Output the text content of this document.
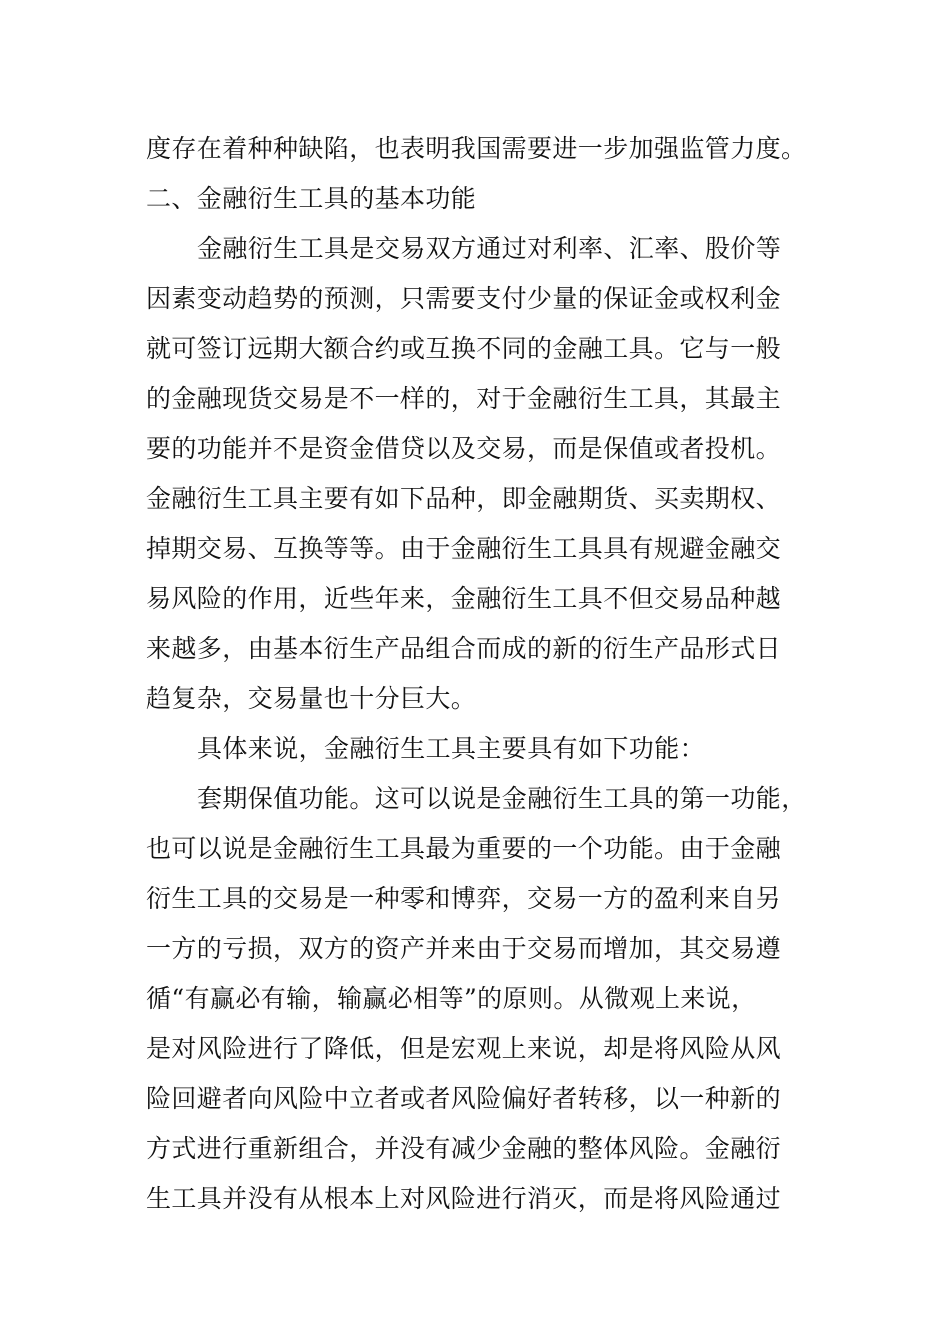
度存在着种种缺陷，也表明我国需要进一步加强监管力度。
二、金融衍生工具的基本功能
金融衍生工具是交易双方通过对利率、汇率、股价等
因素变动趋势的预测，只需要支付少量的保证金或权利金
就可签订远期大额合约或互换不同的金融工具。它与一般
的金融现货交易是不一样的，对于金融衍生工具，其最主
要的功能并不是资金借贷以及交易，而是保值或者投机。
金融衍生工具主要有如下品种，即金融期货、买卖期权、
掉期交易、互换等等。由于金融衍生工具具有规避金融交
易风险的作用，近些年来，金融衍生工具不但交易品种越
来越多，由基本衍生产品组合而成的新的衍生产品形式日
趋复杂，交易量也十分巨大。
具体来说，金融衍生工具主要具有如下功能：
套期保值功能。这可以说是金融衍生工具的第一功能，
也可以说是金融衍生工具最为重要的一个功能。由于金融
衍生工具的交易是一种零和博弈，交易一方的盈利来自另
一方的亏损，双方的资产并来由于交易而增加，其交易遵
循“有赢必有输，输赢必相等”的原则。从微观上来说，
是对风险进行了降低，但是宏观上来说，却是将风险从风
险回避者向风险中立者或者风险偏好者转移，以一种新的
方式进行重新组合，并没有减少金融的整体风险。金融衍
生工具并没有从根本上对风险进行消灭，而是将风险通过
